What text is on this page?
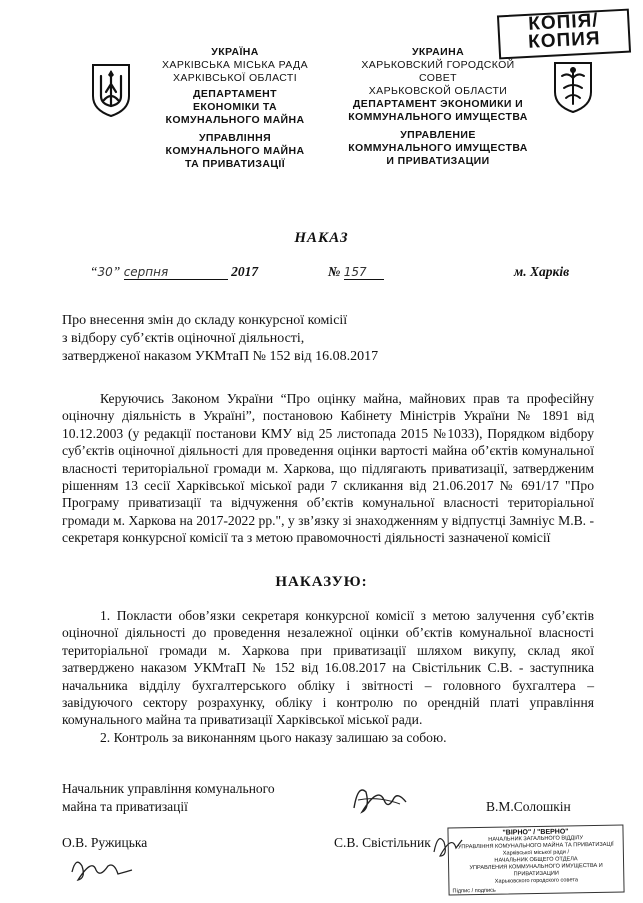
КОПІЯ/
КОПИЯ
УКРАЇНА
ХАРКІВСЬКА МІСЬКА РАДА
ХАРКІВСЬКОЇ ОБЛАСТІ
ДЕПАРТАМЕНТ
ЕКОНОМІКИ ТА
КОМУНАЛЬНОГО МАЙНА
УПРАВЛІННЯ
КОМУНАЛЬНОГО МАЙНА
ТА ПРИВАТИЗАЦІЇ
УКРАИНА
ХАРЬКОВСКИЙ ГОРОДСКОЙ
СОВЕТ
ХАРЬКОВСКОЙ ОБЛАСТИ
ДЕПАРТАМЕНТ ЭКОНОМИКИ И
КОММУНАЛЬНОГО ИМУЩЕСТВА
УПРАВЛЕНИЕ
КОММУНАЛЬНОГО ИМУЩЕСТВА
И ПРИВАТИЗАЦИИ
НАКАЗ
“30” серпня	2017	№ 157	м. Харків
Про внесення змін до складу конкурсної комісії
з відбору суб’єктів оціночної діяльності,
затвердженої наказом УКМтаП № 152 від 16.08.2017

Керуючись Законом України “Про оцінку майна, майнових прав та професійну оціночну діяльність в Україні”, постановою Кабінету Міністрів України № 1891 від 10.12.2003 (у редакції постанови КМУ від 25 листопада 2015 №1033), Порядком відбору суб’єктів оціночної діяльності для проведення оцінки вартості майна об’єктів комунальної власності територіальної громади м. Харкова, що підлягають приватизації, затвердженим рішенням 13 сесії Харківської міської ради 7 скликання від 21.06.2017 № 691/17 "Про Програму приватизації та відчуження об’єктів комунальної власності територіальної громади м. Харкова на 2017-2022 рр.", у зв’язку зі знаходженням у відпустці Замніус М.В. - секретаря конкурсної комісії та з метою правомочності діяльності зазначеної комісії

НАКАЗУЮ:

1. Покласти обов’язки секретаря конкурсної комісії з метою залучення суб’єктів оціночної діяльності до проведення незалежної оцінки об’єктів комунальної власності територіальної громади м. Харкова при приватизації шляхом викупу, склад якої затверджено наказом УКМтаП № 152 від 16.08.2017 на Свістільник С.В. - заступника начальника відділу бухгалтерського обліку і звітності – головного бухгалтера – завідуючого сектору розрахунку, обліку і контролю по орендній платі управління комунального майна та приватизації Харківської міської ради.

2. Контроль за виконанням цього наказу залишаю за собою.

Начальник управління комунального
майна та приватизації	В.М.Солошкін
О.В. Ружицька	С.В. Свістільник
"ВІРНО" / "ВЕРНО"
НАЧАЛЬНИК ЗАГАЛЬНОГО ВІДДІЛУ
УПРАВЛІННЯ КОМУНАЛЬНОГО МАЙНА ТА ПРИВАТИЗАЦІЇ
Харківської міської ради /
НАЧАЛЬНИК ОБЩЕГО ОТДЕЛА
УПРАВЛЕНИЯ КОММУНАЛЬНОГО ИМУЩЕСТВА И ПРИВАТИЗАЦИИ
Харьковского городского совета
Підпис / подпись
